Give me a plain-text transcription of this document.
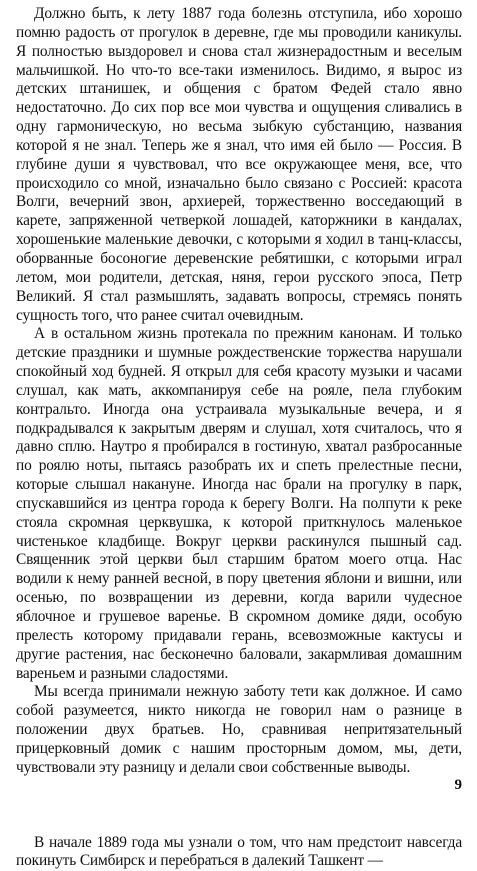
Должно быть, к лету 1887 года болезнь отступила, ибо хорошо помню радость от прогулок в деревне, где мы проводили каникулы. Я полностью выздоровел и снова стал жизнерадостным и веселым мальчишкой. Но что-то все-таки изменилось. Видимо, я вырос из детских штанишек, и общения с братом Федей стало явно недостаточно. До сих пор все мои чувства и ощущения сливались в одну гармоническую, но весьма зыбкую субстанцию, названия которой я не знал. Теперь же я знал, что имя ей было — Россия. В глубине души я чувствовал, что все окружающее меня, все, что происходило со мной, изначально было связано с Россией: красота Волги, вечерний звон, архиерей, торжественно восседающий в карете, запряженной четверкой лошадей, каторжники в кандалах, хорошенькие маленькие девочки, с которыми я ходил в танц-классы, оборванные босоногие деревенские ребятишки, с которыми играл летом, мои родители, детская, няня, герои русского эпоса, Петр Великий. Я стал размышлять, задавать вопросы, стремясь понять сущность того, что ранее считал очевидным.

А в остальном жизнь протекала по прежним канонам. И только детские праздники и шумные рождественские торжества нарушали спокойный ход будней. Я открыл для себя красоту музыки и часами слушал, как мать, аккомпанируя себе на рояле, пела глубоким контральто. Иногда она устраивала музыкальные вечера, и я подкрадывался к закрытым дверям и слушал, хотя считалось, что я давно сплю. Наутро я пробирался в гостиную, хватал разбросанные по роялю ноты, пытаясь разобрать их и спеть прелестные песни, которые слышал накануне. Иногда нас брали на прогулку в парк, спускавшийся из центра города к берегу Волги. На полпути к реке стояла скромная церквушка, к которой приткнулось маленькое чистенькое кладбище. Вокруг церкви раскинулся пышный сад. Священник этой церкви был старшим братом моего отца. Нас водили к нему ранней весной, в пору цветения яблони и вишни, или осенью, по возвращении из деревни, когда варили чудесное яблочное и грушевое варенье. В скромном домике дяди, особую прелесть которому придавали герань, всевозможные кактусы и другие растения, нас бесконечно баловали, закармливая домашним вареньем и разными сладостями.

Мы всегда принимали нежную заботу тети как должное. И само собой разумеется, никто никогда не говорил нам о разнице в положении двух братьев. Но, сравнивая непритязательный прицерковный домик с нашим просторным домом, мы, дети, чувствовали эту разницу и делали свои собственные выводы.

В начале 1889 года мы узнали о том, что нам предстоит навсегда покинуть Симбирск и перебраться в далекий Ташкент —

9
